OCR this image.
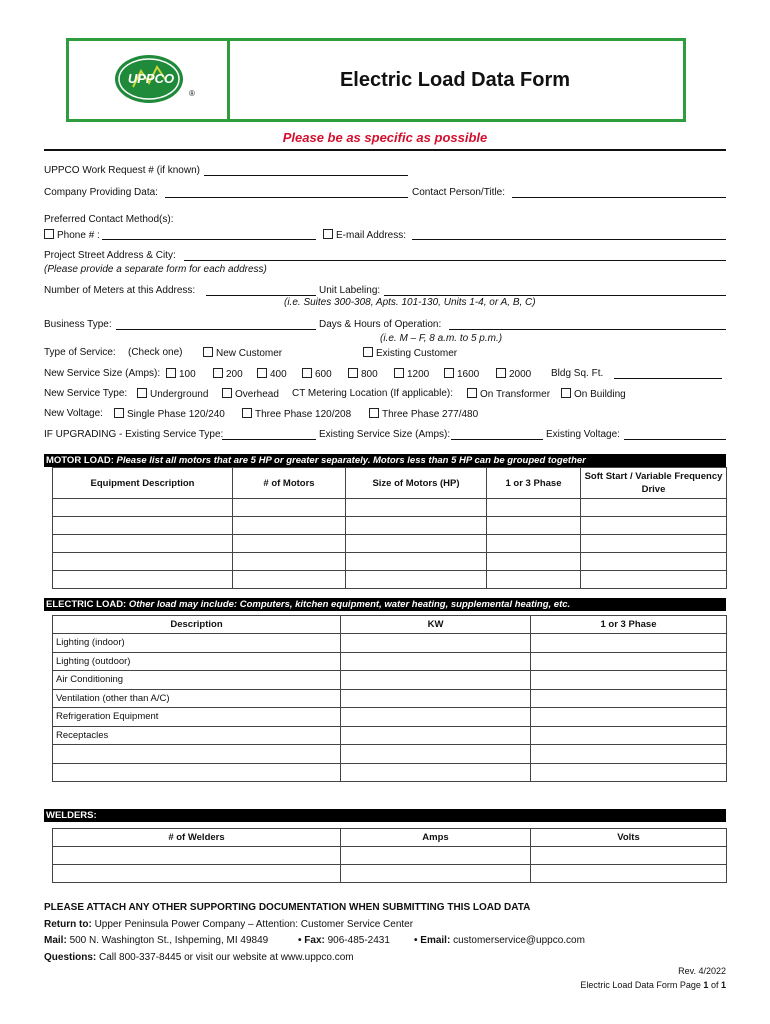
UPPCO
®
Electric Load Data Form
Please be as specific as possible
UPPCO Work Request # (if known)
Company Providing Data:	Contact Person/Title:
Preferred Contact Method(s):
Phone # :	E-mail Address:
Project Street Address & City:
(Please provide a separate form for each address)
Number of Meters at this Address:	Unit Labeling:
(i.e. Suites 300-308, Apts. 101-130, Units 1-4, or A, B, C)
Business Type:	Days & Hours of Operation:
(i.e. M – F, 8 a.m. to 5 p.m.)
Type of Service: (Check one)	New Customer	Existing Customer
New Service Size (Amps):	100	200	400	600	800	1200	1600	2000 Bldg Sq. Ft.
New Service Type:	Underground	Overhead CT Metering Location (If applicable):	On Transformer	On Building
New Voltage:	Single Phase 120/240	Three Phase 120/208	Three Phase 277/480
IF UPGRADING - Existing Service Type:	Existing Service Size (Amps):	Existing Voltage:
MOTOR LOAD: Please list all motors that are 5 HP or greater separately. Motors less than 5 HP can be grouped together
Equipment Description	# of Motors	Size of Motors (HP)	1 or 3 Phase	Soft Start / Variable Frequency Drive

ELECTRIC LOAD: Other load may include: Computers, kitchen equipment, water heating, supplemental heating, etc.
Description	KW	1 or 3 Phase
Lighting (indoor)		
Lighting (outdoor)		
Air Conditioning		
Ventilation (other than A/C)		
Refrigeration Equipment		
Receptacles		

WELDERS:
# of Welders	Amps	Volts

PLEASE ATTACH ANY OTHER SUPPORTING DOCUMENTATION WHEN SUBMITTING THIS LOAD DATA
Return to: Upper Peninsula Power Company – Attention: Customer Service Center
Mail: 500 N. Washington St., Ishpeming, MI 49849	• Fax: 906-485-2431 • Email: customerservice@uppco.com
Questions: Call 800-337-8445 or visit our website at www.uppco.com
Rev. 4/2022
Electric Load Data Form Page 1 of 1
